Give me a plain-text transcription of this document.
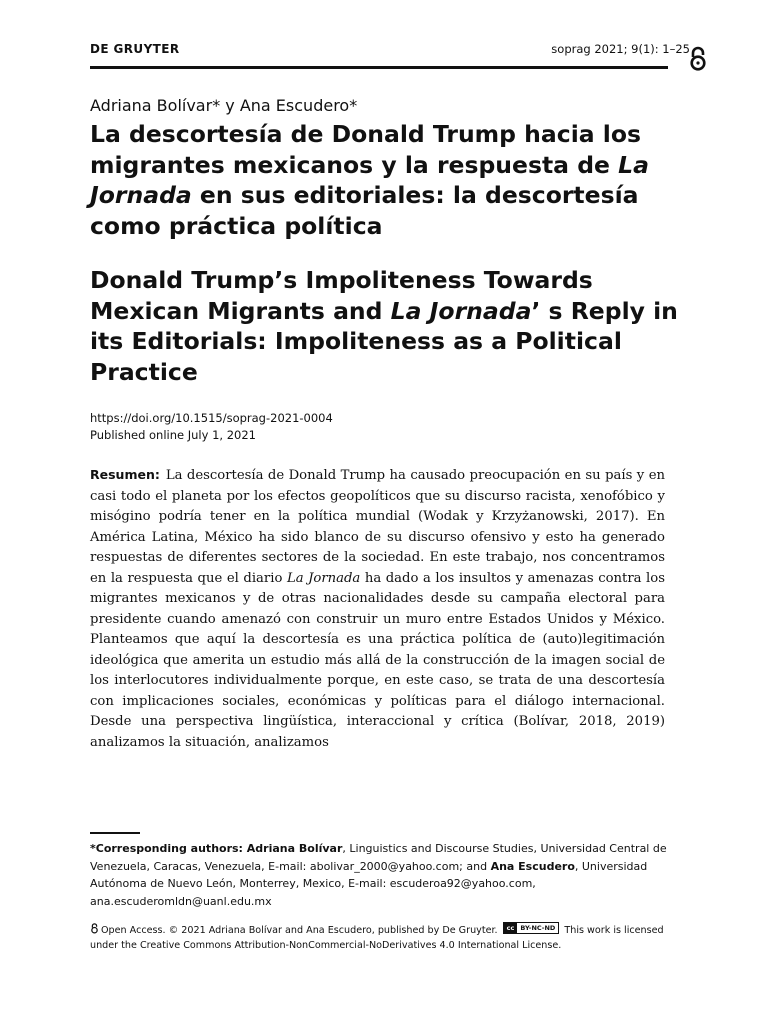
DE GRUYTER	soprag 2021; 9(1): 1–25
Adriana Bolívar* y Ana Escudero*
La descortesía de Donald Trump hacia los
migrantes mexicanos y la respuesta de La
Jornada en sus editoriales: la descortesía
como práctica política
Donald Trump’s Impoliteness Towards
Mexican Migrants and La Jornada’ s Reply in
its Editorials: Impoliteness as a Political
Practice
https://doi.org/10.1515/soprag-2021-0004
Published online July 1, 2021

Resumen: La descortesía de Donald Trump ha causado preocupación en su país y en casi todo el planeta por los efectos geopolíticos que su discurso racista, xenofóbico y misógino podría tener en la política mundial (Wodak y Krzyżanowski, 2017). En América Latina, México ha sido blanco de su discurso ofensivo y esto ha generado respuestas de diferentes sectores de la sociedad. En este trabajo, nos concentramos en la respuesta que el diario La Jornada ha dado a los insultos y amenazas contra los migrantes mexicanos y de otras nacionalidades desde su campaña electoral para presidente cuando amenazó con construir un muro entre Estados Unidos y México. Planteamos que aquí la descortesía es una práctica política de (auto)legitimación ideológica que amerita un estudio más allá de la construcción de la imagen social de los interlocutores individualmente porque, en este caso, se trata de una descortesía con implicaciones sociales, económicas y políticas para el diálogo internacional. Desde una perspectiva lingüística, interaccional y crítica (Bolívar, 2018, 2019) analizamos la situación, analizamos

*Corresponding authors: Adriana Bolívar, Linguistics and Discourse Studies, Universidad Central de Venezuela, Caracas, Venezuela, E-mail: abolivar_2000@yahoo.com; and Ana Escudero, Universidad Autónoma de Nuevo León, Monterrey, Mexico, E-mail: escuderoa92@yahoo.com, ana.escuderomldn@uanl.edu.mx

Open Access. © 2021 Adriana Bolívar and Ana Escudero, published by De Gruyter. cc BY-NC-ND This work is licensed under the Creative Commons Attribution-NonCommercial-NoDerivatives 4.0 International License.
